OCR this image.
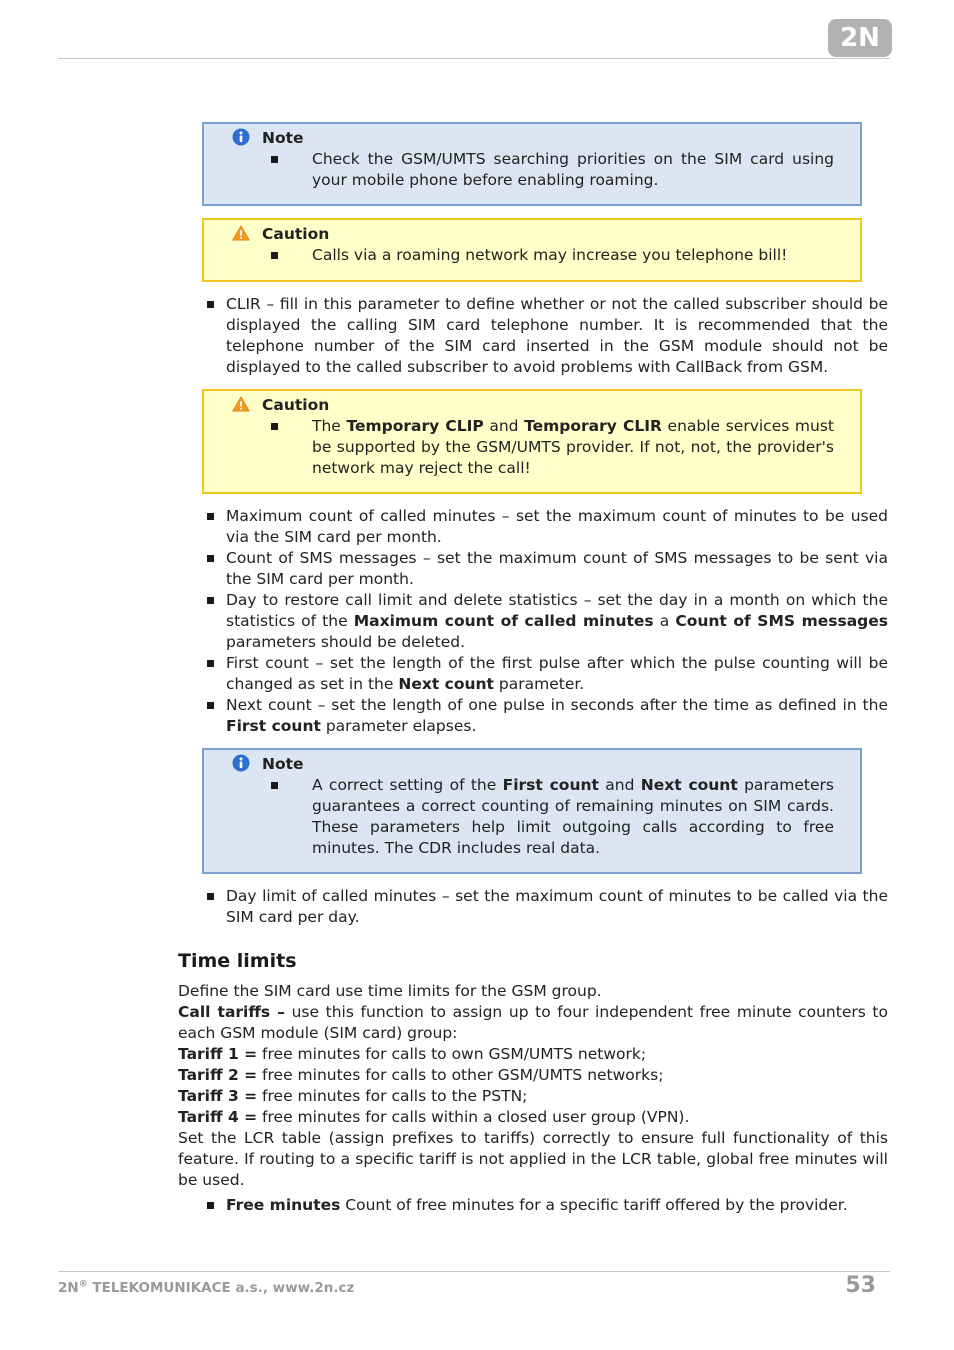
2N
Note
Check the GSM/UMTS searching priorities on the SIM card using your mobile phone before enabling roaming.
Caution
Calls via a roaming network may increase you telephone bill!
CLIR – fill in this parameter to define whether or not the called subscriber should be displayed the calling SIM card telephone number. It is recommended that the telephone number of the SIM card inserted in the GSM module should not be displayed to the called subscriber to avoid problems with CallBack from GSM.
Caution
The Temporary CLIP and Temporary CLIR enable services must be supported by the GSM/UMTS provider. If not, not, the provider's network may reject the call!
Maximum count of called minutes – set the maximum count of minutes to be used via the SIM card per month.
Count of SMS messages – set the maximum count of SMS messages to be sent via the SIM card per month.
Day to restore call limit and delete statistics – set the day in a month on which the statistics of the Maximum count of called minutes a Count of SMS messages parameters should be deleted.
First count – set the length of the first pulse after which the pulse counting will be changed as set in the Next count parameter.
Next count – set the length of one pulse in seconds after the time as defined in the First count parameter elapses.
Note
A correct setting of the First count and Next count parameters guarantees a correct counting of remaining minutes on SIM cards. These parameters help limit outgoing calls according to free minutes. The CDR includes real data.
Day limit of called minutes – set the maximum count of minutes to be called via the SIM card per day.
Time limits

Define the SIM card use time limits for the GSM group.

Call tariffs – use this function to assign up to four independent free minute counters to each GSM module (SIM card) group:

Tariff 1 = free minutes for calls to own GSM/UMTS network;

Tariff 2 = free minutes for calls to other GSM/UMTS networks;

Tariff 3 = free minutes for calls to the PSTN;

Tariff 4 = free minutes for calls within a closed user group (VPN).

Set the LCR table (assign prefixes to tariffs) correctly to ensure full functionality of this feature. If routing to a specific tariff is not applied in the LCR table, global free minutes will be used.

Free minutes Count of free minutes for a specific tariff offered by the provider.
2N® TELEKOMUNIKACE a.s., www.2n.cz	53
